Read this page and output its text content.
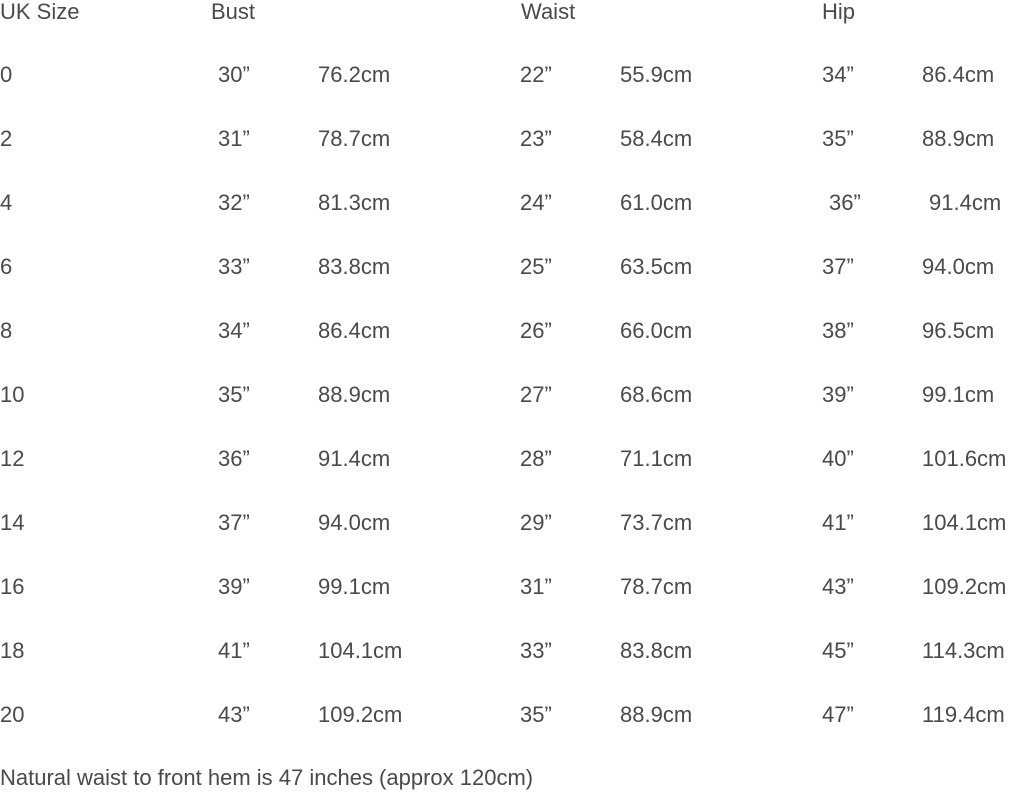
UK Size	Bust	Waist	Hip
0	30”	76.2cm	22”	55.9cm	34”	86.4cm
2	31”	78.7cm	23”	58.4cm	35”	88.9cm
4	32”	81.3cm	24”	61.0cm	36”	91.4cm
6	33”	83.8cm	25”	63.5cm	37”	94.0cm
8	34”	86.4cm	26”	66.0cm	38”	96.5cm
10	35”	88.9cm	27”	68.6cm	39”	99.1cm
12	36”	91.4cm	28”	71.1cm	40”	101.6cm
14	37”	94.0cm	29”	73.7cm	41”	104.1cm
16	39”	99.1cm	31”	78.7cm	43”	109.2cm
18	41”	104.1cm	33”	83.8cm	45”	114.3cm
20	43”	109.2cm	35”	88.9cm	47”	119.4cm
Natural waist to front hem is 47 inches (approx 120cm)
